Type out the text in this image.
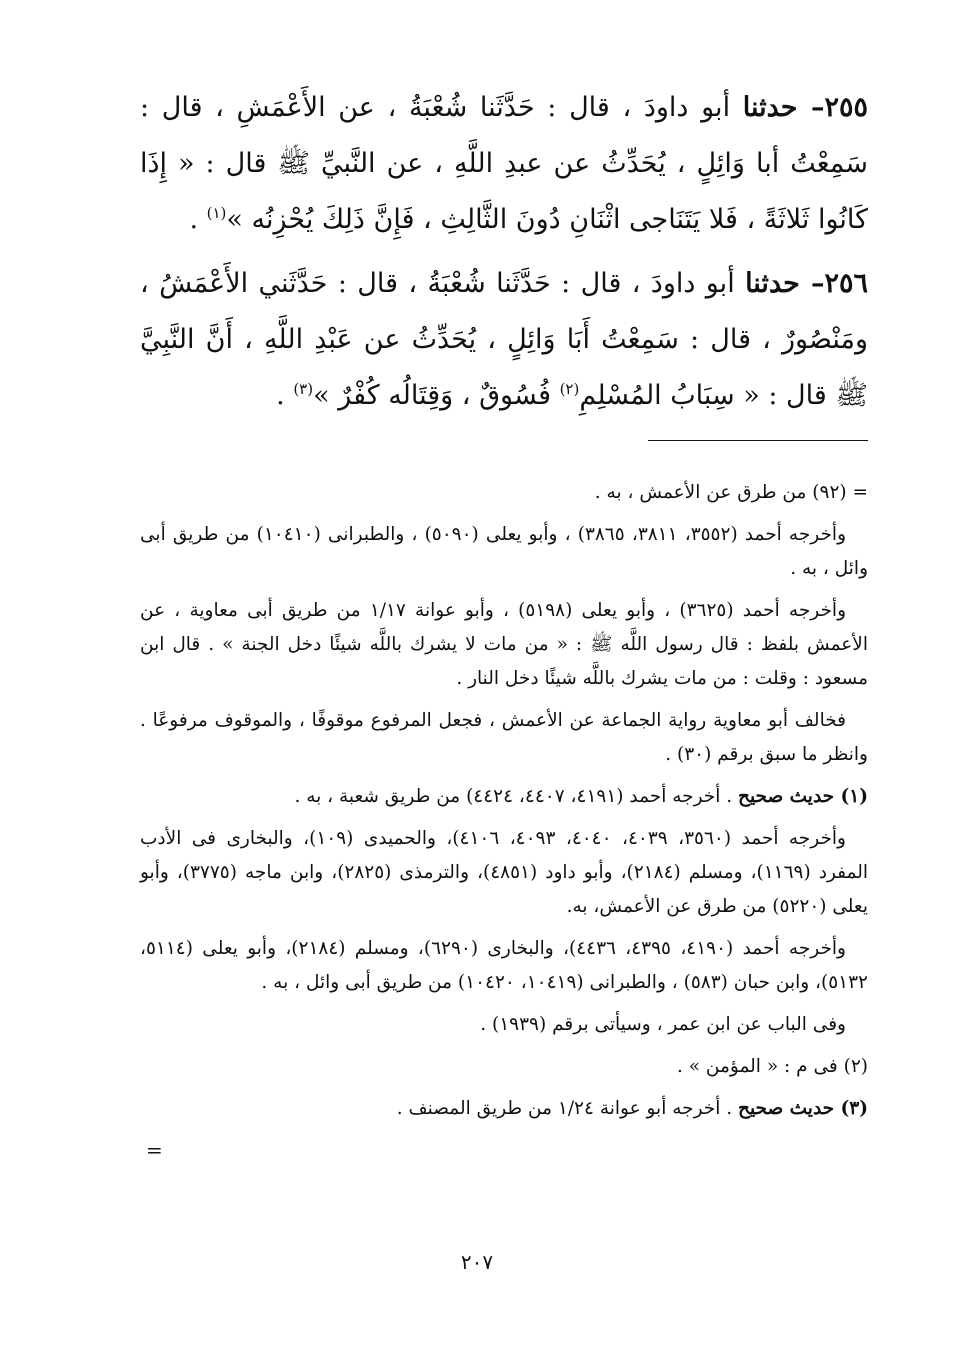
٢٥٥– حدثنا أبو داودَ ، قال : حَدَّثَنا شُعْبَةُ ، عن الأَعْمَشِ ، قال : سَمِعْتُ أبا وَائِلٍ ، يُحَدِّثُ عن عبدِ اللَّهِ ، عن النَّبيِّ ﷺ قال : « إِذَا كَانُوا ثَلاثَةً ، فَلا يَتَنَاجى اثْنَانِ دُونَ الثَّالِثِ ، فَإِنَّ ذَلِكَ يُحْزِنُه »$^{(١)}$ .

٢٥٦– حدثنا أبو داودَ ، قال : حَدَّثَنا شُعْبَةُ ، قال : حَدَّثَني الأَعْمَشُ ، ومَنْصُورٌ ، قال : سَمِعْتُ أَبَا وَائِلٍ ، يُحَدِّثُ عن عَبْدِ اللَّهِ ، أَنَّ النَّبِيَّ ﷺ قال : « سِبَابُ المُسْلِمِ$^{(٢)}$ فُسُوقٌ ، وَقِتَالُه كُفْرٌ »$^{(٣)}$ .

= (٩٢) من طرق عن الأعمش ، به .

وأخرجه أحمد (٣٥٥٢، ٣٨١١، ٣٨٦٥) ، وأبو يعلى (٥٠٩٠) ، والطبرانى (١٠٤١٠) من طريق أبى وائل ، به .

وأخرجه أحمد (٣٦٢٥) ، وأبو يعلى (٥١٩٨) ، وأبو عوانة ١/١٧ من طريق أبى معاوية ، عن الأعمش بلفظ : قال رسول اللَّه ﷺ : « من مات لا يشرك باللَّه شيئًا دخل الجنة » . قال ابن مسعود : وقلت : من مات يشرك باللَّه شيئًا دخل النار .

فخالف أبو معاوية رواية الجماعة عن الأعمش ، فجعل المرفوع موقوفًا ، والموقوف مرفوعًا . وانظر ما سبق برقم (٣٠) .

(١) حديث صحيح . أخرجه أحمد (٤١٩١، ٤٤٠٧، ٤٤٢٤) من طريق شعبة ، به .

وأخرجه أحمد (٣٥٦٠، ٤٠٣٩، ٤٠٤٠، ٤٠٩٣، ٤١٠٦)، والحميدى (١٠٩)، والبخارى فى الأدب المفرد (١١٦٩)، ومسلم (٢١٨٤)، وأبو داود (٤٨٥١)، والترمذى (٢٨٢٥)، وابن ماجه (٣٧٧٥)، وأبو يعلى (٥٢٢٠) من طرق عن الأعمش، به.

وأخرجه أحمد (٤١٩٠، ٤٣٩٥، ٤٤٣٦)، والبخارى (٦٢٩٠)، ومسلم (٢١٨٤)، وأبو يعلى (٥١١٤، ٥١٣٢)، وابن حبان (٥٨٣) ، والطبرانى (١٠٤١٩، ١٠٤٢٠) من طريق أبى وائل ، به .

وفى الباب عن ابن عمر ، وسيأتى برقم (١٩٣٩) .

(٢) فى م : « المؤمن » .

(٣) حديث صحيح . أخرجه أبو عوانة ١/٢٤ من طريق المصنف .

=
٢٠٧
